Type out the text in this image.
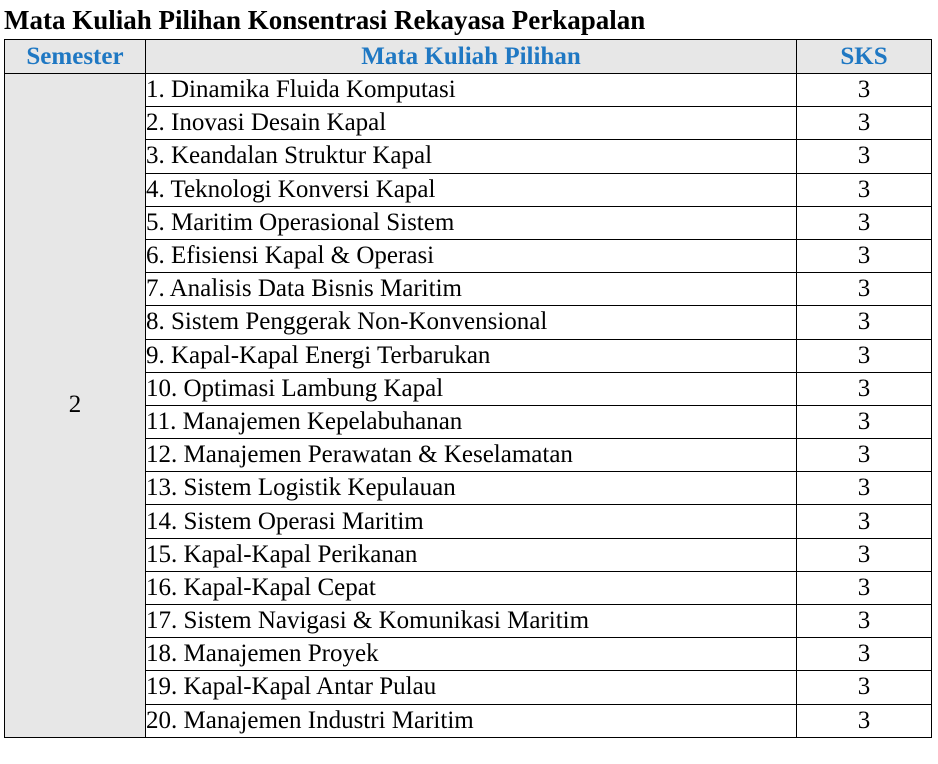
Mata Kuliah Pilihan Konsentrasi Rekayasa Perkapalan
Semester	Mata Kuliah Pilihan	SKS
2	1. Dinamika Fluida Komputasi	3
	2. Inovasi Desain Kapal	3
	3. Keandalan Struktur Kapal	3
	4. Teknologi Konversi Kapal	3
	5. Maritim Operasional Sistem	3
	6. Efisiensi Kapal & Operasi	3
	7. Analisis Data Bisnis Maritim	3
	8. Sistem Penggerak Non-Konvensional	3
	9. Kapal-Kapal Energi Terbarukan	3
	10. Optimasi Lambung Kapal	3
	11. Manajemen Kepelabuhanan	3
	12. Manajemen Perawatan & Keselamatan	3
	13. Sistem Logistik Kepulauan	3
	14. Sistem Operasi Maritim	3
	15. Kapal-Kapal Perikanan	3
	16. Kapal-Kapal Cepat	3
	17. Sistem Navigasi & Komunikasi Maritim	3
	18. Manajemen Proyek	3
	19. Kapal-Kapal Antar Pulau	3
	20. Manajemen Industri Maritim	3
